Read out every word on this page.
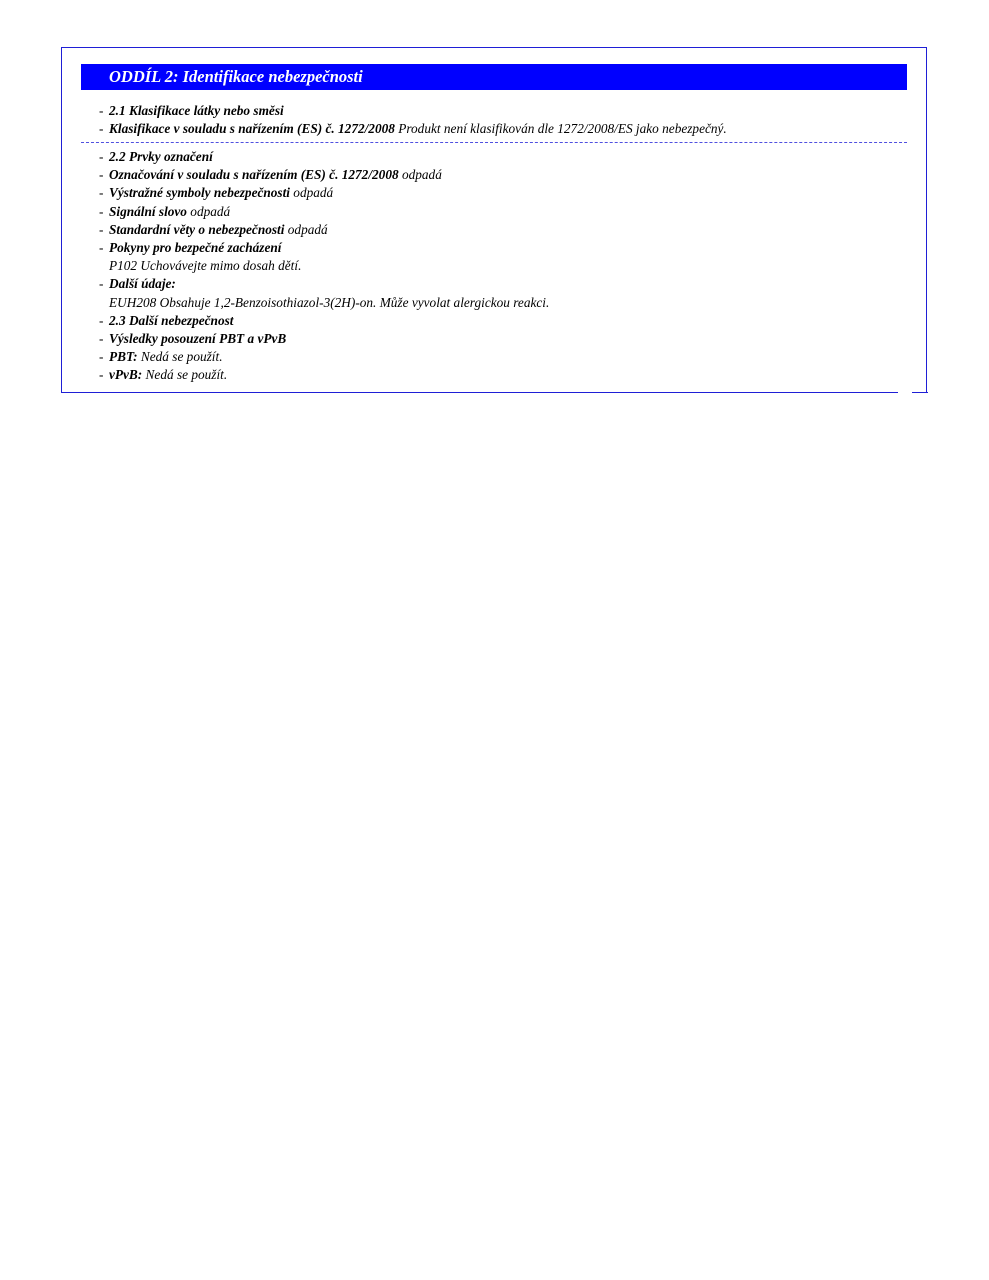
ODDÍL 2: Identifikace nebezpečnosti
- 2.1 Klasifikace látky nebo směsi
- Klasifikace v souladu s nařízením (ES) č. 1272/2008 Produkt není klasifikován dle 1272/2008/ES jako nebezpečný.
- 2.2 Prvky označení
- Označování v souladu s nařízením (ES) č. 1272/2008 odpadá
- Výstražné symboly nebezpečnosti odpadá
- Signální slovo odpadá
- Standardní věty o nebezpečnosti odpadá
- Pokyny pro bezpečné zacházení
P102 Uchovávejte mimo dosah dětí.
- Další údaje:
EUH208 Obsahuje 1,2-Benzoisothiazol-3(2H)-on. Může vyvolat alergickou reakci.
- 2.3 Další nebezpečnost
- Výsledky posouzení PBT a vPvB
- PBT: Nedá se použít.
- vPvB: Nedá se použít.
